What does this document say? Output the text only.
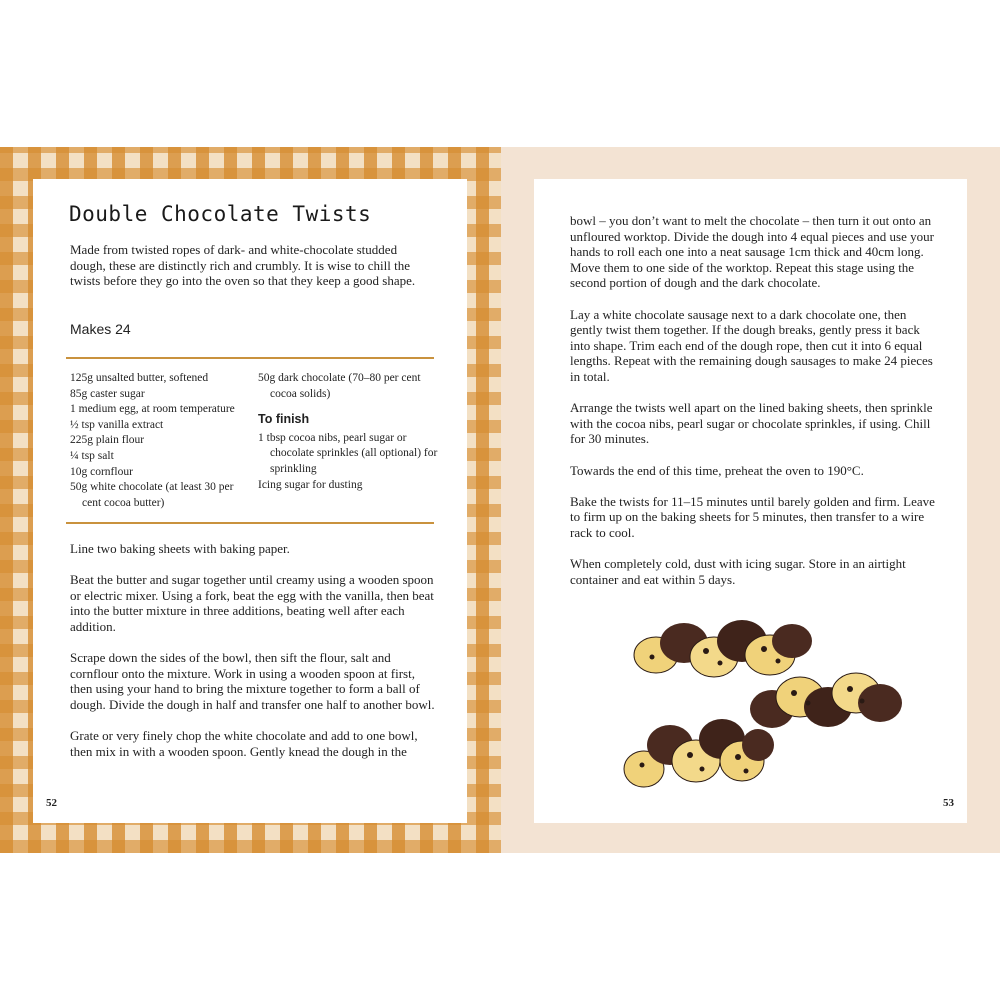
Double Chocolate Twists
Made from twisted ropes of dark- and white-chocolate studded dough, these are distinctly rich and crumbly. It is wise to chill the twists before they go into the oven so that they keep a good shape.
Makes 24
125g unsalted butter, softened
85g caster sugar
1 medium egg, at room temperature
½ tsp vanilla extract
225g plain flour
¼ tsp salt
10g cornflour
50g white chocolate (at least 30 per cent cocoa butter)
50g dark chocolate (70–80 per cent cocoa solids)
To finish
1 tbsp cocoa nibs, pearl sugar or chocolate sprinkles (all optional) for sprinkling
Icing sugar for dusting

Line two baking sheets with baking paper.

Beat the butter and sugar together until creamy using a wooden spoon or electric mixer. Using a fork, beat the egg with the vanilla, then beat into the butter mixture in three additions, beating well after each addition.

Scrape down the sides of the bowl, then sift the flour, salt and cornflour onto the mixture. Work in using a wooden spoon at first, then using your hand to bring the mixture together to form a ball of dough. Divide the dough in half and transfer one half to another bowl.

Grate or very finely chop the white chocolate and add to one bowl, then mix in with a wooden spoon. Gently knead the dough in the

52

bowl – you don’t want to melt the chocolate – then turn it out onto an unfloured worktop. Divide the dough into 4 equal pieces and use your hands to roll each one into a neat sausage 1cm thick and 40cm long. Move them to one side of the worktop. Repeat this stage using the second portion of dough and the dark chocolate.

Lay a white chocolate sausage next to a dark chocolate one, then gently twist them together. If the dough breaks, gently press it back into shape. Trim each end of the dough rope, then cut it into 6 equal lengths. Repeat with the remaining dough sausages to make 24 pieces in total.

Arrange the twists well apart on the lined baking sheets, then sprinkle with the cocoa nibs, pearl sugar or chocolate sprinkles, if using. Chill for 30 minutes.

Towards the end of this time, preheat the oven to 190°C.

Bake the twists for 11–15 minutes until barely golden and firm. Leave to firm up on the baking sheets for 5 minutes, then transfer to a wire rack to cool.

When completely cold, dust with icing sugar. Store in an airtight container and eat within 5 days.

53
